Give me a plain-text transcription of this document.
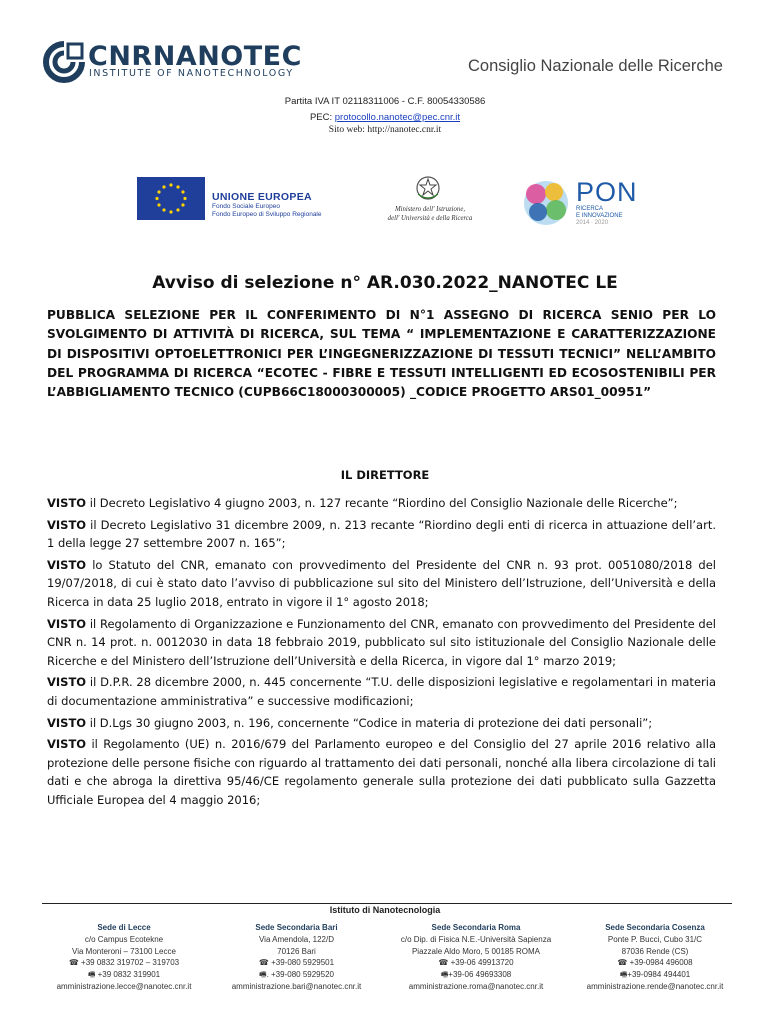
CNRNANOTEC
INSTITUTE OF NANOTECHNOLOGY	Consiglio Nazionale delle Ricerche
Partita IVA IT 02118311006 - C.F. 80054330586
PEC: protocollo.nanotec@pec.cnr.it
Sito web: http://nanotec.cnr.it
UNIONE EUROPEA
Fondo Sociale Europeo
Fondo Europeo di Sviluppo Regionale
Ministero dell' Istruzione,
dell' Università e della Ricerca
PON
RICERCA
E INNOVAZIONE
2014 · 2020
Avviso di selezione n° AR.030.2022_NANOTEC LE
PUBBLICA SELEZIONE PER IL CONFERIMENTO DI N°1 ASSEGNO DI RICERCA SENIO PER LO SVOLGIMENTO DI ATTIVITÀ DI RICERCA, SUL TEMA “ IMPLEMENTAZIONE E CARATTERIZZAZIONE DI DISPOSITIVI OPTOELETTRONICI PER L’INGEGNERIZZAZIONE DI TESSUTI TECNICI” NELL’AMBITO DEL PROGRAMMA DI RICERCA “ECOTEC - FIBRE E TESSUTI INTELLIGENTI ED ECOSOSTENIBILI PER L’ABBIGLIAMENTO TECNICO (CUPB66C18000300005) _CODICE PROGETTO ARS01_00951”
IL DIRETTORE

VISTO il Decreto Legislativo 4 giugno 2003, n. 127 recante “Riordino del Consiglio Nazionale delle Ricerche”;

VISTO il Decreto Legislativo 31 dicembre 2009, n. 213 recante “Riordino degli enti di ricerca in attuazione dell’art. 1 della legge 27 settembre 2007 n. 165”;

VISTO lo Statuto del CNR, emanato con provvedimento del Presidente del CNR n. 93 prot. 0051080/2018 del 19/07/2018, di cui è stato dato l’avviso di pubblicazione sul sito del Ministero dell’Istruzione, dell’Università e della Ricerca in data 25 luglio 2018, entrato in vigore il 1° agosto 2018;

VISTO il Regolamento di Organizzazione e Funzionamento del CNR, emanato con provvedimento del Presidente del CNR n. 14 prot. n. 0012030 in data 18 febbraio 2019, pubblicato sul sito istituzionale del Consiglio Nazionale delle Ricerche e del Ministero dell’Istruzione dell’Università e della Ricerca, in vigore dal 1° marzo 2019;

VISTO il D.P.R. 28 dicembre 2000, n. 445 concernente “T.U. delle disposizioni legislative e regolamentari in materia di documentazione amministrativa” e successive modificazioni;

VISTO il D.Lgs 30 giugno 2003, n. 196, concernente “Codice in materia di protezione dei dati personali”;

VISTO il Regolamento (UE) n. 2016/679 del Parlamento europeo e del Consiglio del 27 aprile 2016 relativo alla protezione delle persone fisiche con riguardo al trattamento dei dati personali, nonché alla libera circolazione di tali dati e che abroga la direttiva 95/46/CE regolamento generale sulla protezione dei dati pubblicato sulla Gazzetta Ufficiale Europea del 4 maggio 2016;

Istituto di Nanotecnologia
Sede di Lecce
c/o Campus Ecotekne
Via Monteroni – 73100 Lecce
☎ +39 0832 319702 – 319703
🖷 +39 0832 319901
amministrazione.lecce@nanotec.cnr.it
Sede Secondaria Bari
Via Amendola, 122/D
70126 Bari
☎ +39-080 5929501
🖷. +39-080 5929520
amministrazione.bari@nanotec.cnr.it
Sede Secondaria Roma
c/o Dip. di Fisica N.E.-Università Sapienza
Piazzale Aldo Moro, 5 00185 ROMA
☎ +39-06 49913720
🖷+39-06 49693308
amministrazione.roma@nanotec.cnr.it
Sede Secondaria Cosenza
Ponte P. Bucci, Cubo 31/C
87036 Rende (CS)
☎ +39-0984 496008
🖷+39-0984 494401
amministrazione.rende@nanotec.cnr.it
